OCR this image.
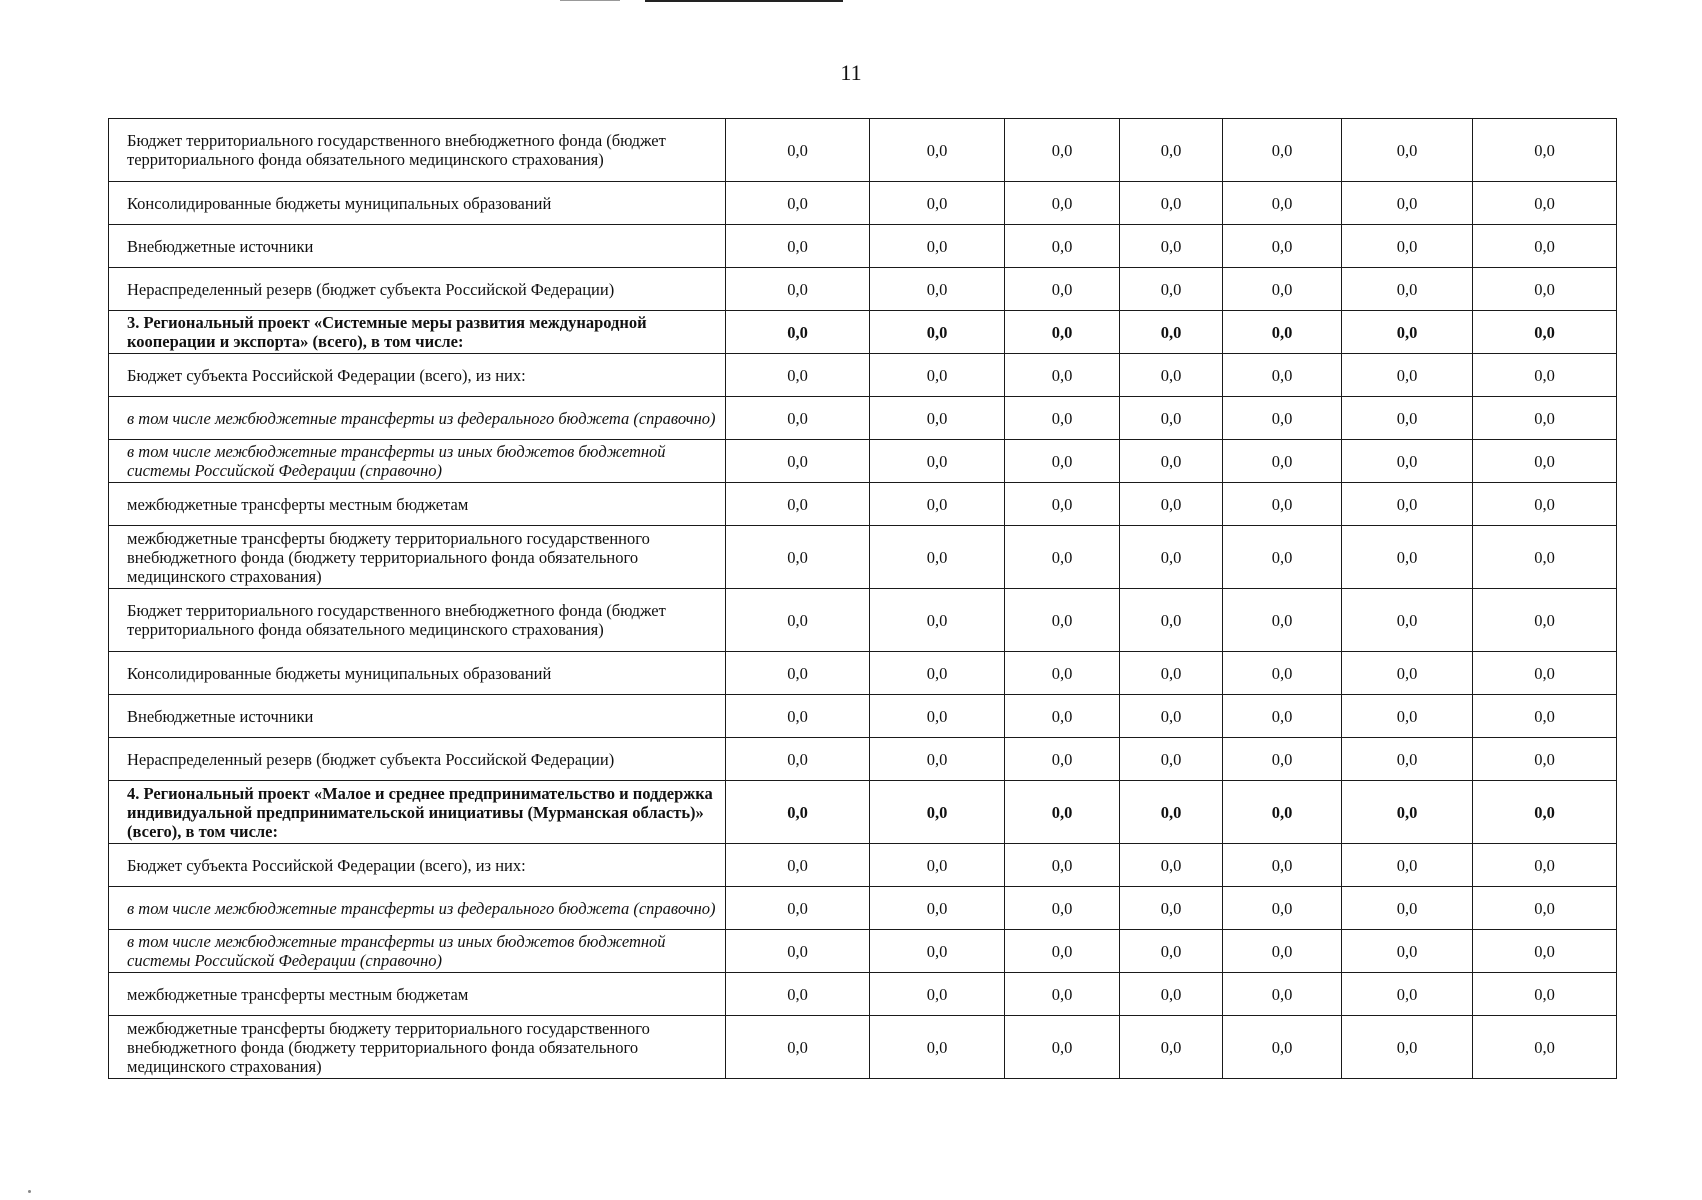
11
Бюджет территориального государственного внебюджетного фонда (бюджет территориального фонда обязательного медицинского страхования)	0,0	0,0	0,0	0,0	0,0	0,0	0,0
Консолидированные бюджеты муниципальных образований	0,0	0,0	0,0	0,0	0,0	0,0	0,0
Внебюджетные источники	0,0	0,0	0,0	0,0	0,0	0,0	0,0
Нераспределенный резерв (бюджет субъекта Российской Федерации)	0,0	0,0	0,0	0,0	0,0	0,0	0,0
3. Региональный проект «Системные меры развития международной кооперации и экспорта» (всего), в том числе:	0,0	0,0	0,0	0,0	0,0	0,0	0,0
Бюджет субъекта Российской Федерации (всего), из них:	0,0	0,0	0,0	0,0	0,0	0,0	0,0
в том числе межбюджетные трансферты из федерального бюджета (справочно)	0,0	0,0	0,0	0,0	0,0	0,0	0,0
в том числе межбюджетные трансферты из иных бюджетов бюджетной системы Российской Федерации (справочно)	0,0	0,0	0,0	0,0	0,0	0,0	0,0
межбюджетные трансферты местным бюджетам	0,0	0,0	0,0	0,0	0,0	0,0	0,0
межбюджетные трансферты бюджету территориального государственного внебюджетного фонда (бюджету территориального фонда обязательного медицинского страхования)	0,0	0,0	0,0	0,0	0,0	0,0	0,0
Бюджет территориального государственного внебюджетного фонда (бюджет территориального фонда обязательного медицинского страхования)	0,0	0,0	0,0	0,0	0,0	0,0	0,0
Консолидированные бюджеты муниципальных образований	0,0	0,0	0,0	0,0	0,0	0,0	0,0
Внебюджетные источники	0,0	0,0	0,0	0,0	0,0	0,0	0,0
Нераспределенный резерв (бюджет субъекта Российской Федерации)	0,0	0,0	0,0	0,0	0,0	0,0	0,0
4. Региональный проект «Малое и среднее предпринимательство и поддержка индивидуальной предпринимательской инициативы (Мурманская область)» (всего), в том числе:	0,0	0,0	0,0	0,0	0,0	0,0	0,0
Бюджет субъекта Российской Федерации (всего), из них:	0,0	0,0	0,0	0,0	0,0	0,0	0,0
в том числе межбюджетные трансферты из федерального бюджета (справочно)	0,0	0,0	0,0	0,0	0,0	0,0	0,0
в том числе межбюджетные трансферты из иных бюджетов бюджетной системы Российской Федерации (справочно)	0,0	0,0	0,0	0,0	0,0	0,0	0,0
межбюджетные трансферты местным бюджетам	0,0	0,0	0,0	0,0	0,0	0,0	0,0
межбюджетные трансферты бюджету территориального государственного внебюджетного фонда (бюджету территориального фонда обязательного медицинского страхования)	0,0	0,0	0,0	0,0	0,0	0,0	0,0
